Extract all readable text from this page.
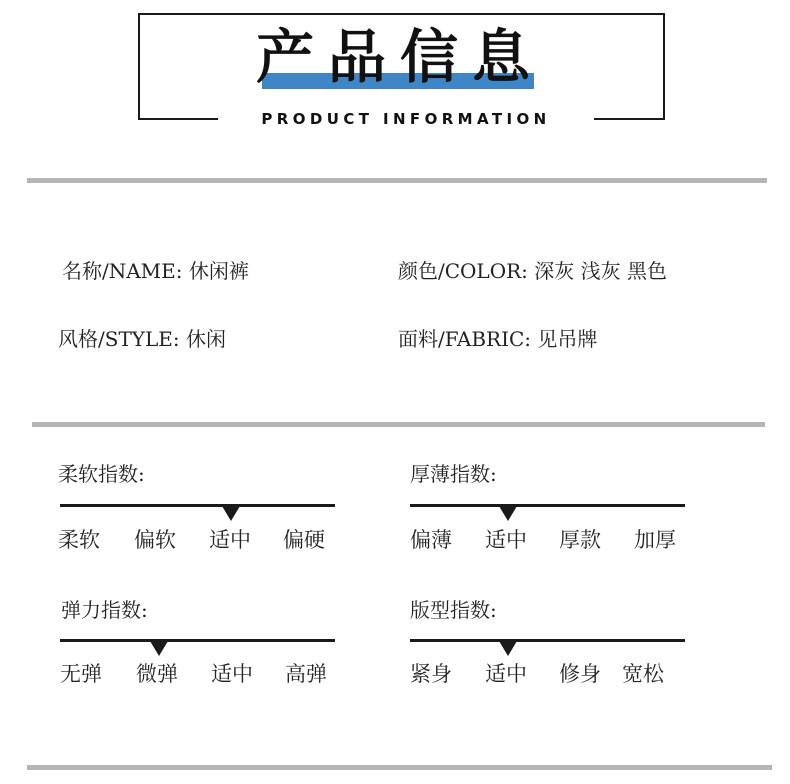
产品信息
PRODUCT INFORMATION
名称/NAME: 休闲裤	颜色/COLOR: 深灰 浅灰 黑色
风格/STYLE: 休闲	面料/FABRIC: 见吊牌
柔软指数:
柔软 偏软 适中 偏硬
厚薄指数:
偏薄 适中 厚款 加厚
弹力指数:
无弹 微弹 适中 高弹
版型指数:
紧身 适中 修身 宽松
